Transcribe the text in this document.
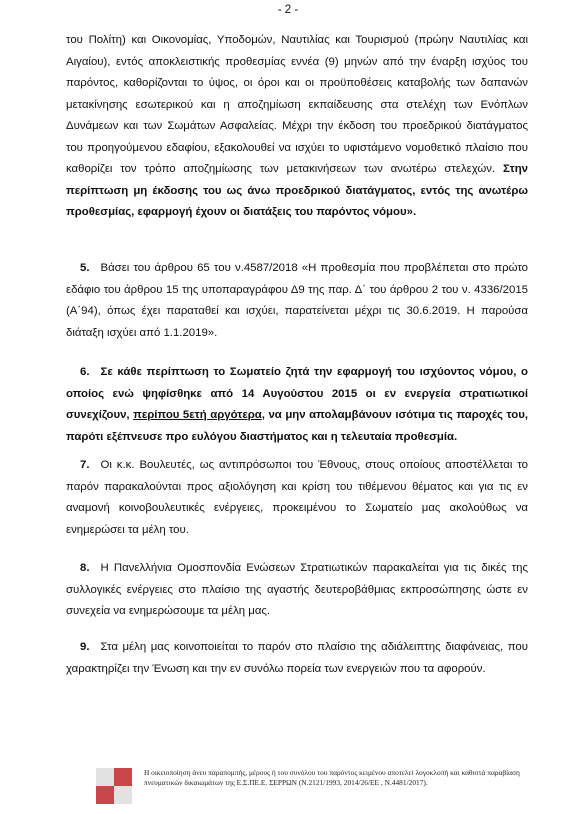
- 2 -
του Πολίτη) και Οικονομίας, Υποδομών, Ναυτιλίας και Τουρισμού (πρώην Ναυτιλίας και Αιγαίου), εντός αποκλειστικής προθεσμίας εννέα (9) μηνών από την έναρξη ισχύος του παρόντος, καθορίζονται το ύψος, οι όροι και οι προϋποθέσεις καταβολής των δαπανών μετακίνησης εσωτερικού και η αποζημίωση εκπαίδευσης στα στελέχη των Ενόπλων Δυνάμεων και των Σωμάτων Ασφαλείας. Μέχρι την έκδοση του προεδρικού διατάγματος του προηγούμενου εδαφίου, εξακολουθεί να ισχύει το υφιστάμενο νομοθετικό πλαίσιο που καθορίζει τον τρόπο αποζημίωσης των μετακινήσεων των ανωτέρω στελεχών. Στην περίπτωση μη έκδοσης του ως άνω προεδρικού διατάγματος, εντός της ανωτέρω προθεσμίας, εφαρμογή έχουν οι διατάξεις του παρόντος νόμου».
5. Βάσει του άρθρου 65 του ν.4587/2018 «Η προθεσμία που προβλέπεται στο πρώτο εδάφιο του άρθρου 15 της υποπαραγράφου Δ9 της παρ. Δ΄ του άρθρου 2 του ν. 4336/2015 (Α΄94), όπως έχει παραταθεί και ισχύει, παρατείνεται μέχρι τις 30.6.2019. Η παρούσα διάταξη ισχύει από 1.1.2019».
6. Σε κάθε περίπτωση το Σωματείο ζητά την εφαρμογή του ισχύοντος νόμου, ο οποίος ενώ ψηφίσθηκε από 14 Αυγούστου 2015 οι εν ενεργεία στρατιωτικοί συνεχίζουν, περίπου 5ετή αργότερα, να μην απολαμβάνουν ισότιμα τις παροχές του, παρότι εξέπνευσε προ ευλόγου διαστήματος και η τελευταία προθεσμία.
7. Οι κ.κ. Βουλευτές, ως αντιπρόσωποι του Έθνους, στους οποίους αποστέλλεται το παρόν παρακαλούνται προς αξιολόγηση και κρίση του τιθέμενου θέματος και για τις εν αναμονή κοινοβουλευτικές ενέργειες, προκειμένου το Σωματείο μας ακολούθως να ενημερώσει τα μέλη του.
8. Η Πανελλήνια Ομοσπονδία Ενώσεων Στρατιωτικών παρακαλείται για τις δικές της συλλογικές ενέργειες στο πλαίσιο της αγαστής δευτεροβάθμιας εκπροσώπησης ώστε εν συνεχεία να ενημερώσουμε τα μέλη μας.
9. Στα μέλη μας κοινοποιείται το παρόν στο πλαίσιο της αδιάλειπτης διαφάνειας, που χαρακτηρίζει την Ένωση και την εν συνόλω πορεία των ενεργειών που τα αφορούν.
Η οικειοποίηση άνευ παραπομπής, μέρους ή του συνόλου του παρόντος κειμένου αποτελεί λογοκλοπή και καθιστά παραβίαση πνευματικών δικαιωμάτων της Ε.Σ.ΠΕ.Ε. ΣΕΡΡΩΝ (Ν.2121/1993, 2014/26/ΕΕ , Ν.4481/2017).
